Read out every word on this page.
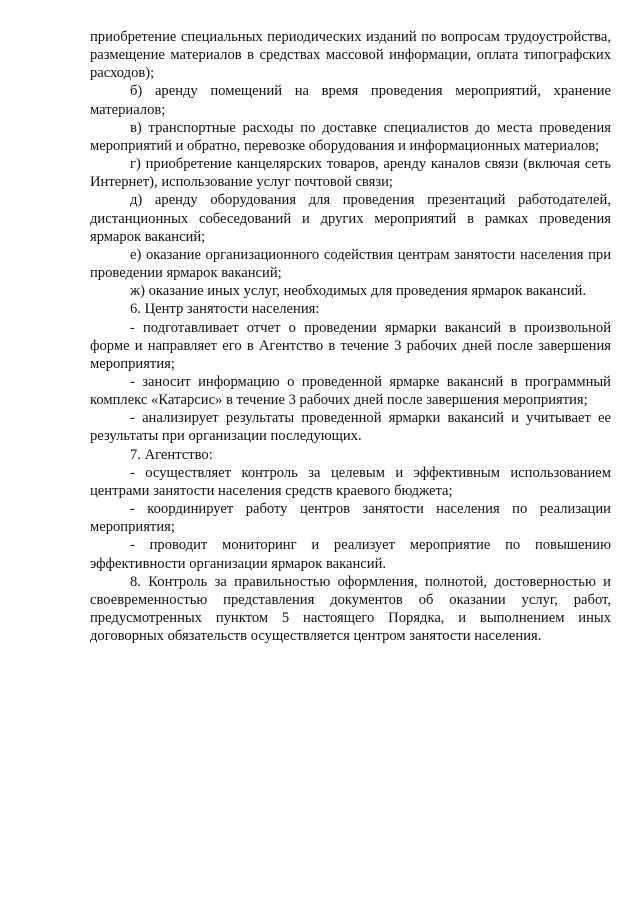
приобретение специальных периодических изданий по вопросам трудоустройства, размещение материалов в средствах массовой информации, оплата типографских расходов);

б) аренду помещений на время проведения мероприятий, хранение материалов;

в) транспортные расходы по доставке специалистов до места проведения мероприятий и обратно, перевозке оборудования и информационных материалов;

г) приобретение канцелярских товаров, аренду каналов связи (включая сеть Интернет), использование услуг почтовой связи;

д) аренду оборудования для проведения презентаций работодателей, дистанционных собеседований и других мероприятий в рамках проведения ярмарок вакансий;

е) оказание организационного содействия центрам занятости населения при проведении ярмарок вакансий;

ж) оказание иных услуг, необходимых для проведения ярмарок вакансий.

6. Центр занятости населения:

- подготавливает отчет о проведении ярмарки вакансий в произвольной форме и направляет его в Агентство в течение 3 рабочих дней после завершения мероприятия;

- заносит информацию о проведенной ярмарке вакансий в программный комплекс «Катарсис» в течение 3 рабочих дней после завершения мероприятия;

- анализирует результаты проведенной ярмарки вакансий и учитывает ее результаты при организации последующих.

7. Агентство:

- осуществляет контроль за целевым и эффективным использованием центрами занятости населения средств краевого бюджета;

- координирует работу центров занятости населения по реализации мероприятия;

- проводит мониторинг и реализует мероприятие по повышению эффективности организации ярмарок вакансий.

8. Контроль за правильностью оформления, полнотой, достоверностью и своевременностью представления документов об оказании услуг, работ, предусмотренных пунктом 5 настоящего Порядка, и выполнением иных договорных обязательств осуществляется центром занятости населения.
